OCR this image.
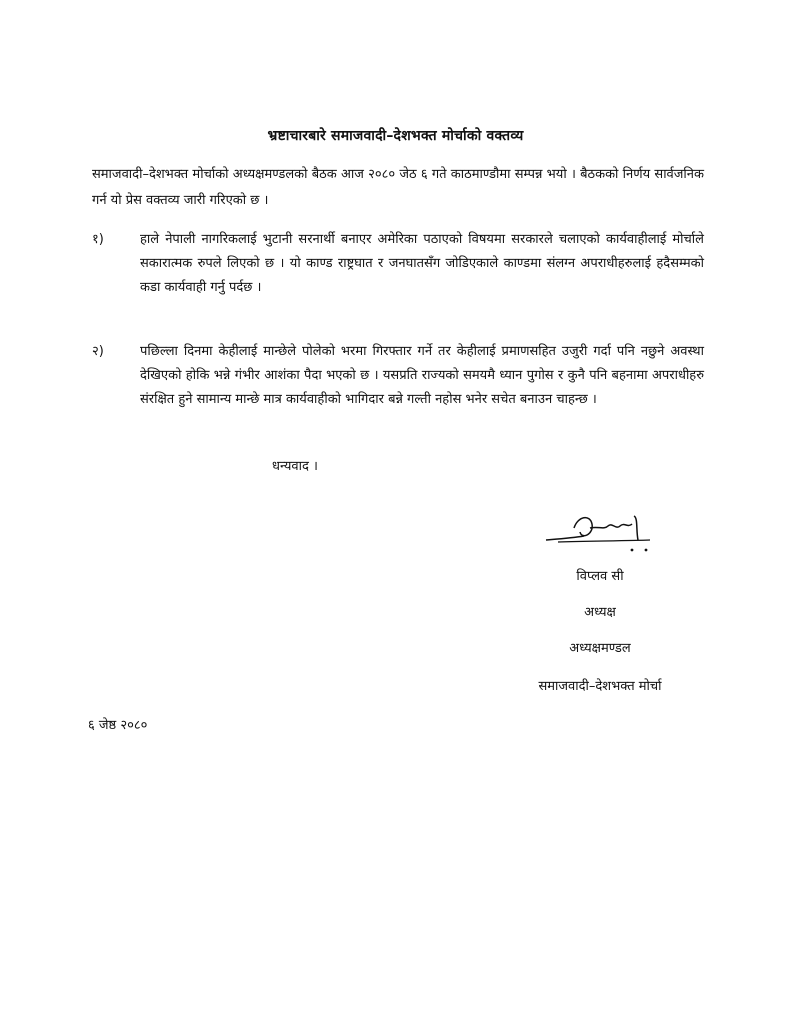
भ्रष्टाचारबारे समाजवादी–देशभक्त मोर्चाको वक्तव्य
समाजवादी–देशभक्त मोर्चाको अध्यक्षमण्डलको बैठक आज २०८० जेठ ६ गते काठमाण्डौमा सम्पन्न भयो । बैठकको निर्णय सार्वजनिक गर्न यो प्रेस वक्तव्य जारी गरिएको छ ।
१)	हाले नेपाली नागरिकलाई भुटानी सरनार्थी बनाएर अमेरिका पठाएको विषयमा सरकारले चलाएको कार्यवाहीलाई मोर्चाले सकारात्मक रुपले लिएको छ । यो काण्ड राष्ट्रघात र जनघातसँग जोडिएकाले काण्डमा संलग्न अपराधीहरुलाई हदैसम्मको कडा कार्यवाही गर्नु पर्दछ ।
२)	पछिल्ला दिनमा केहीलाई मान्छेले पोलेको भरमा गिरफ्तार गर्ने तर केहीलाई प्रमाणसहित उजुरी गर्दा पनि नछुने अवस्था देखिएको होकि भन्ने गंभीर आशंका पैदा भएको छ । यसप्रति राज्यको समयमै ध्यान पुगोस र कुनै पनि बहनामा अपराधीहरु संरक्षित हुने सामान्य मान्छे मात्र कार्यवाहीको भागिदार बन्ने गल्ती नहोस भनेर सचेत बनाउन चाहन्छ ।
धन्यवाद ।
विप्लव सी
अध्यक्ष
अध्यक्षमण्डल
समाजवादी–देशभक्त मोर्चा
६ जेष्ठ २०८०
